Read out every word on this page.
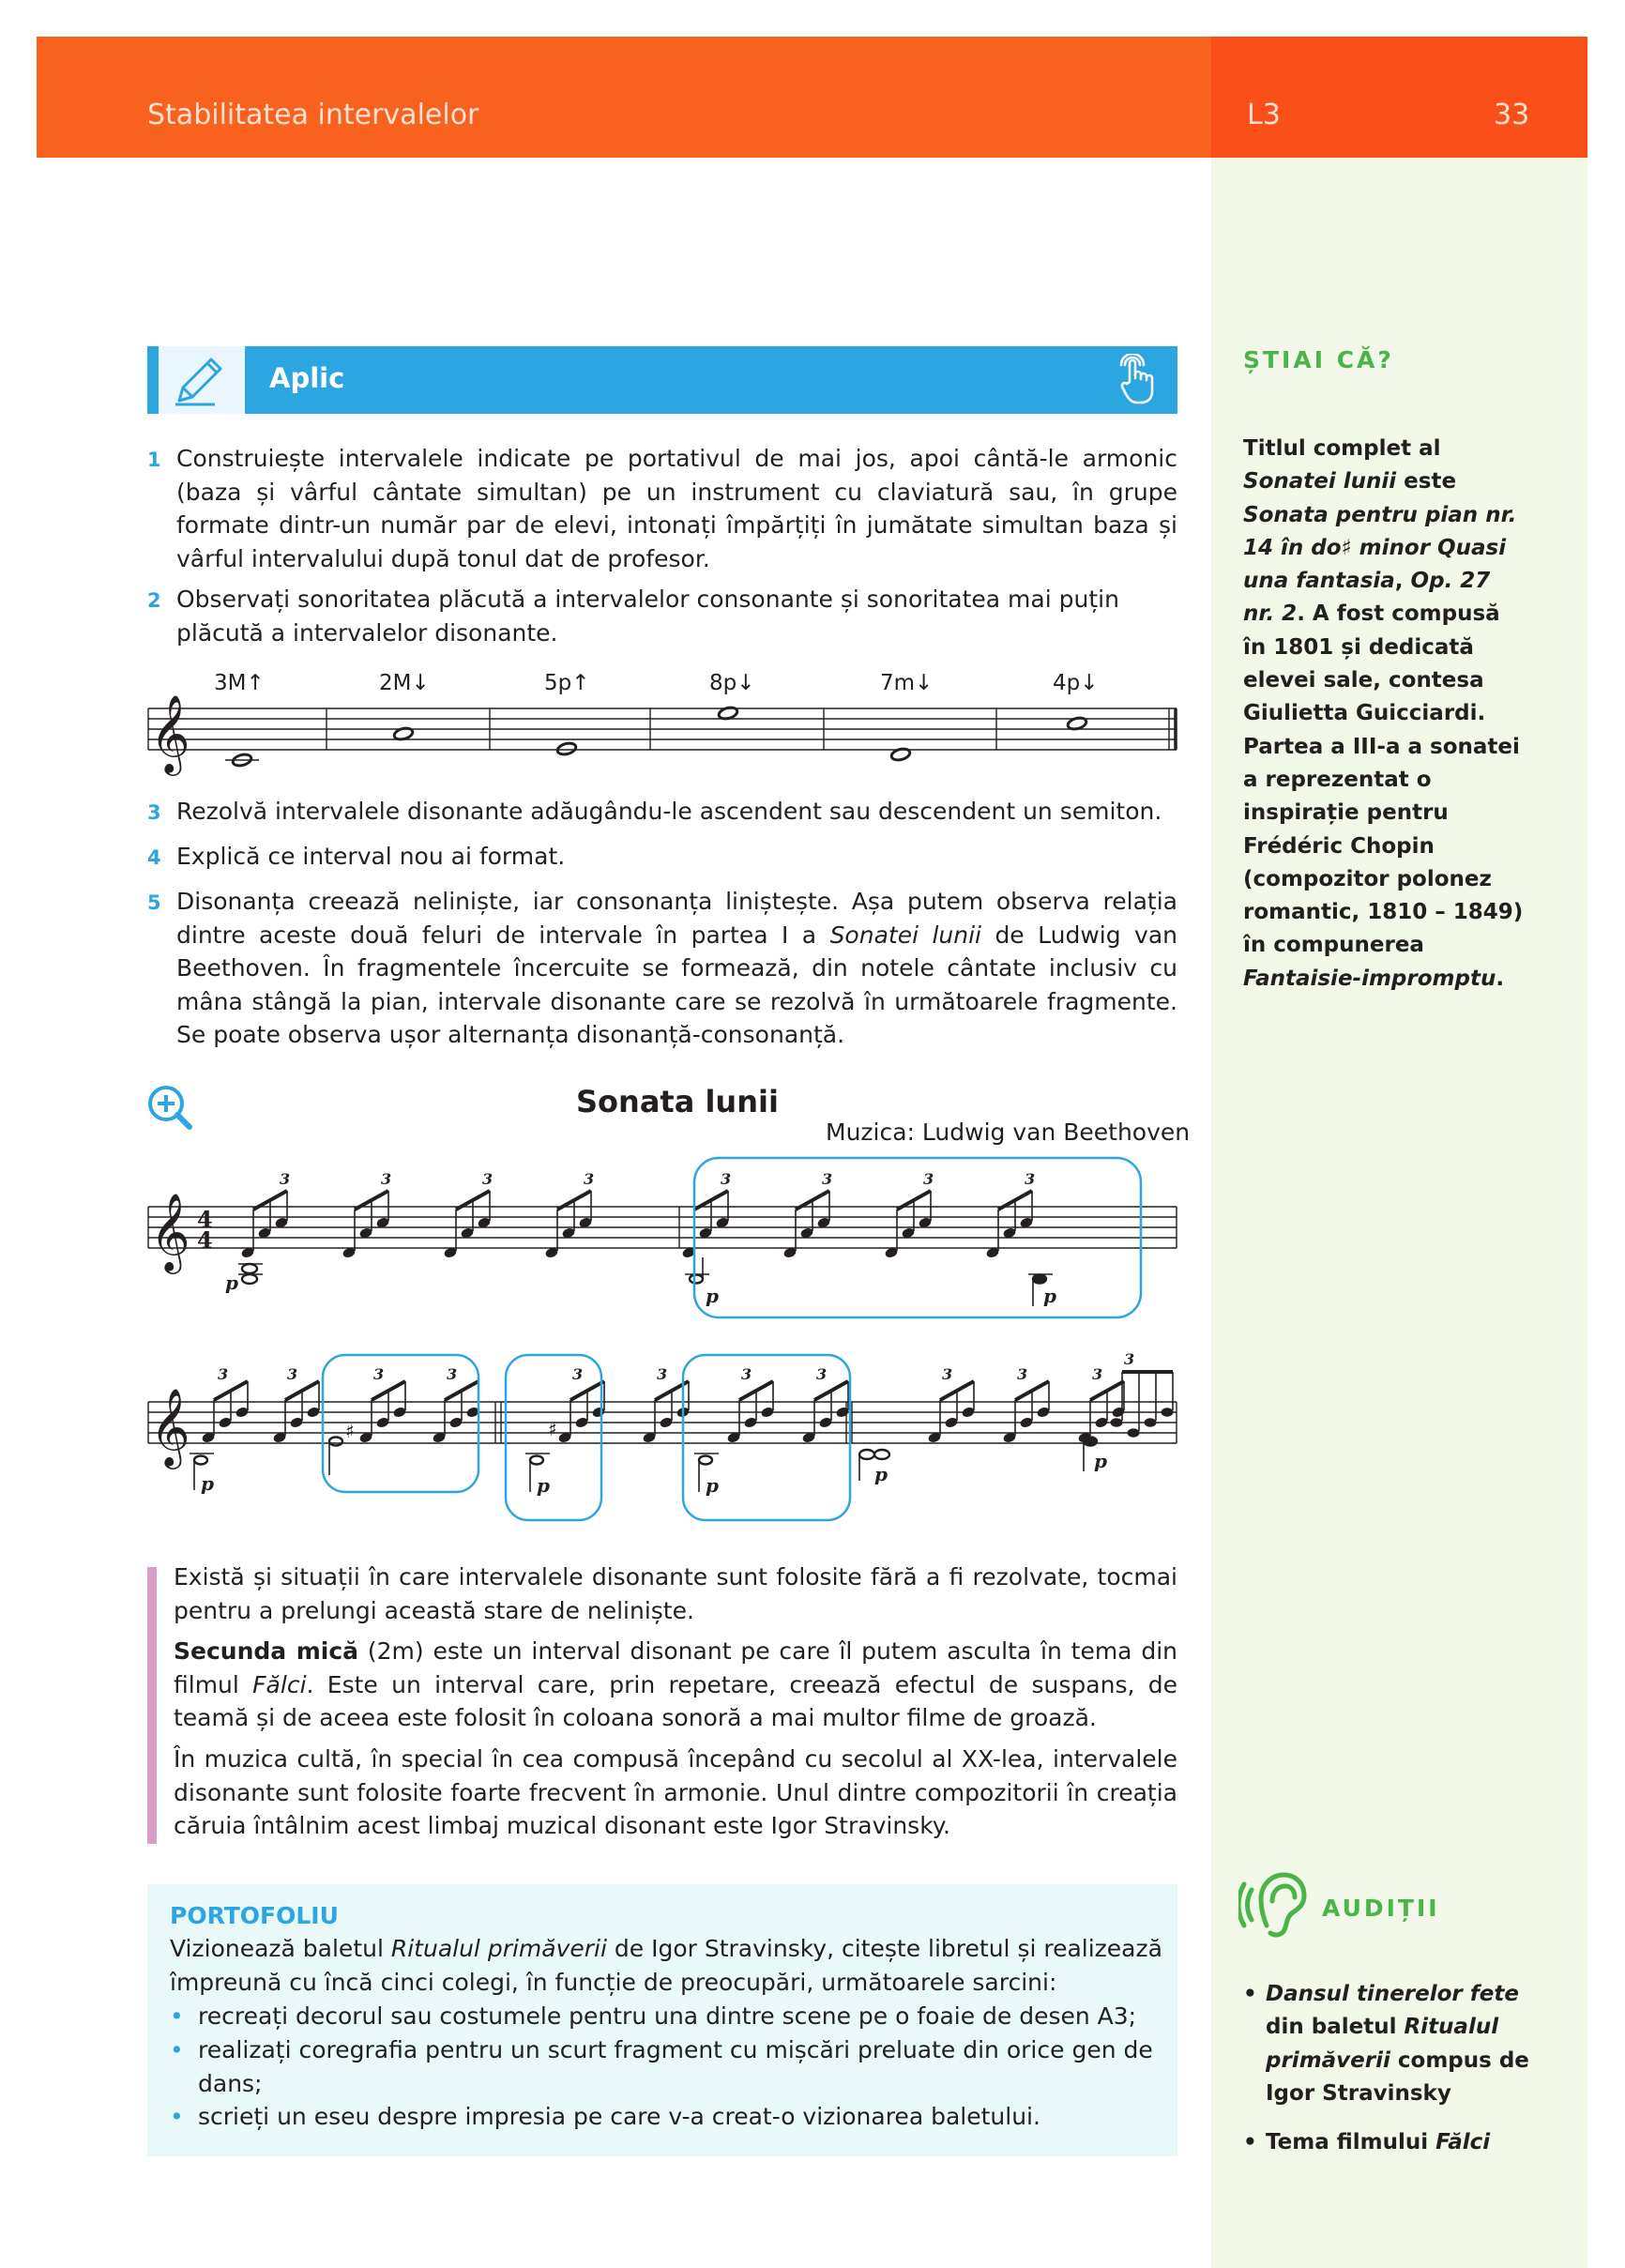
Stabilitatea intervalelor	L3	33
Aplic
1 Construiește intervalele indicate pe portativul de mai jos, apoi cântă-le armonic (baza și vârful cântate simultan) pe un instrument cu claviatură sau, în grupe formate dintr-un număr par de elevi, intonați împărțiți în jumătate simultan baza și vârful intervalului după tonul dat de profesor.
2 Observați sonoritatea plăcută a intervalelor consonante și sonoritatea mai puțin plăcută a intervalelor disonante.
3M↑	2M↓	5p↑	8p↓	7m↓	4p↓
𝄞
3 Rezolvă intervalele disonante adăugându-le ascendent sau descendent un semiton.
4 Explică ce interval nou ai format.
5 Disonanța creează neliniște, iar consonanța liniștește. Așa putem observa relația dintre aceste două feluri de intervale în partea I a Sonatei lunii de Ludwig van Beethoven. În fragmentele încercuite se formează, din notele cântate inclusiv cu mâna stângă la pian, intervale disonante care se rezolvă în următoarele fragmente. Se poate observa ușor alternanța disonanță-consonanță.
Sonata lunii
Muzica: Ludwig van Beethoven
𝄞 4
4
3	3	3	3	3	3	3	3
p
p	p
𝄞
3	3	3	3	3	3	3	3	3	3	3
3
p	p	p	p
p
♯	♯
Există și situații în care intervalele disonante sunt folosite fără a fi rezolvate, tocmai pentru a prelungi această stare de neliniște.
Secunda mică (2m) este un interval disonant pe care îl putem asculta în tema din filmul Fălci. Este un interval care, prin repetare, creează efectul de suspans, de teamă și de aceea este folosit în coloana sonoră a mai multor filme de groază.
În muzica cultă, în special în cea compusă începând cu secolul al XX-lea, intervalele disonante sunt folosite foarte frecvent în armonie. Unul dintre compozitorii în creația căruia întâlnim acest limbaj muzical disonant este Igor Stravinsky.
PORTOFOLIU
Vizionează baletul Ritualul primăverii de Igor Stravinsky, citește libretul și realizează împreună cu încă cinci colegi, în funcție de preocupări, următoarele sarcini:
• recreați decorul sau costumele pentru una dintre scene pe o foaie de desen A3;
• realizați coregrafia pentru un scurt fragment cu mișcări preluate din orice gen de dans;
• scrieți un eseu despre impresia pe care v-a creat-o vizionarea baletului.
ȘTIAI CĂ?
Titlul complet al Sonatei lunii este Sonata pentru pian nr. 14 în do♯ minor Quasi una fantasia, Op. 27 nr. 2. A fost compusă în 1801 și dedicată elevei sale, contesa Giulietta Guicciardi. Partea a III-a a sonatei a reprezentat o inspirație pentru Frédéric Chopin (compozitor polonez romantic, 1810 – 1849) în compunerea Fantaisie-impromptu.
AUDIȚII
• Dansul tinerelor fete din baletul Ritualul primăverii compus de Igor Stravinsky
• Tema filmului Fălci
